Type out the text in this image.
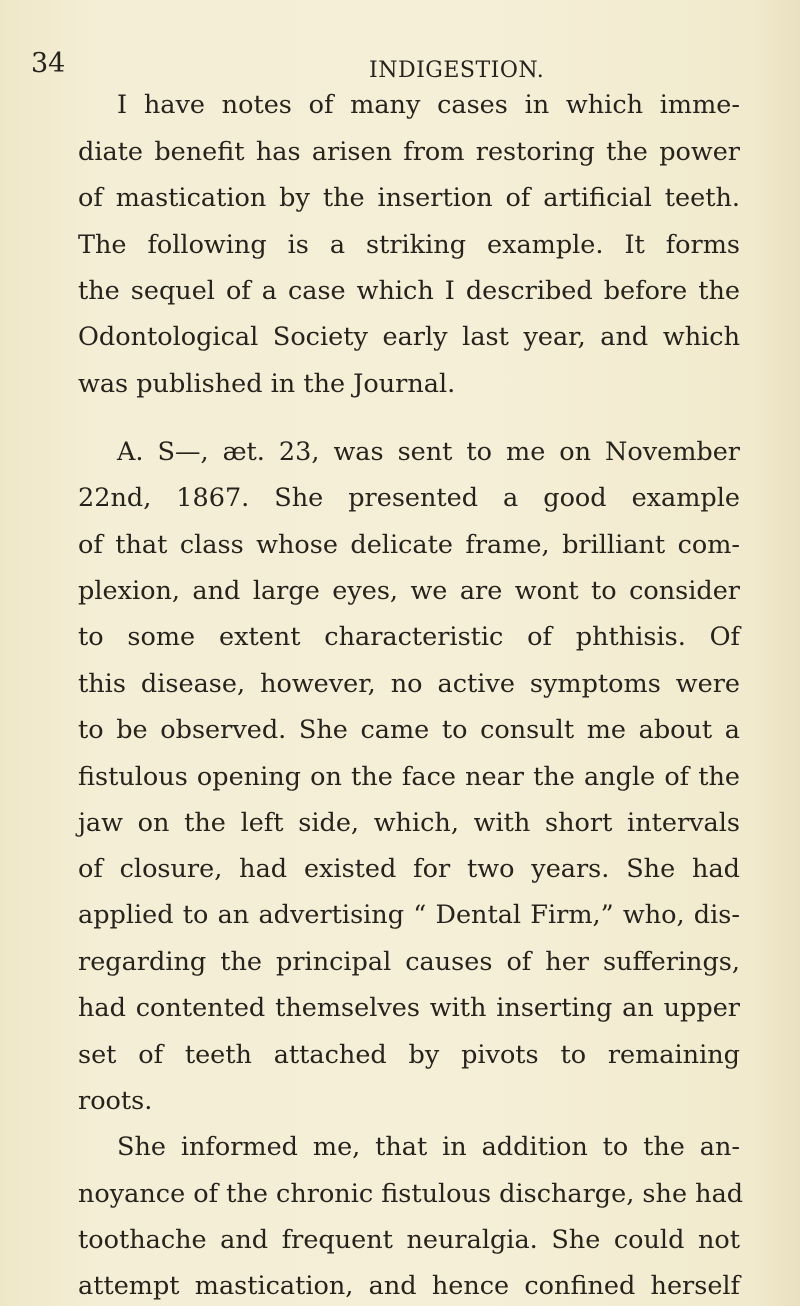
34	INDIGESTION.
I have notes of many cases in which imme-
diate benefit has arisen from restoring the power
of mastication by the insertion of artificial teeth.
The following is a striking example. It forms
the sequel of a case which I described before the
Odontological Society early last year, and which
was published in the Journal.
A. S—, æt. 23, was sent to me on November
22nd, 1867. She presented a good example
of that class whose delicate frame, brilliant com-
plexion, and large eyes, we are wont to consider
to some extent characteristic of phthisis. Of
this disease, however, no active symptoms were
to be observed. She came to consult me about a
fistulous opening on the face near the angle of the
jaw on the left side, which, with short intervals
of closure, had existed for two years. She had
applied to an advertising “ Dental Firm,” who, dis-
regarding the principal causes of her sufferings,
had contented themselves with inserting an upper
set of teeth attached by pivots to remaining
roots.
She informed me, that in addition to the an-
noyance of the chronic fistulous discharge, she had
toothache and frequent neuralgia. She could not
attempt mastication, and hence confined herself
